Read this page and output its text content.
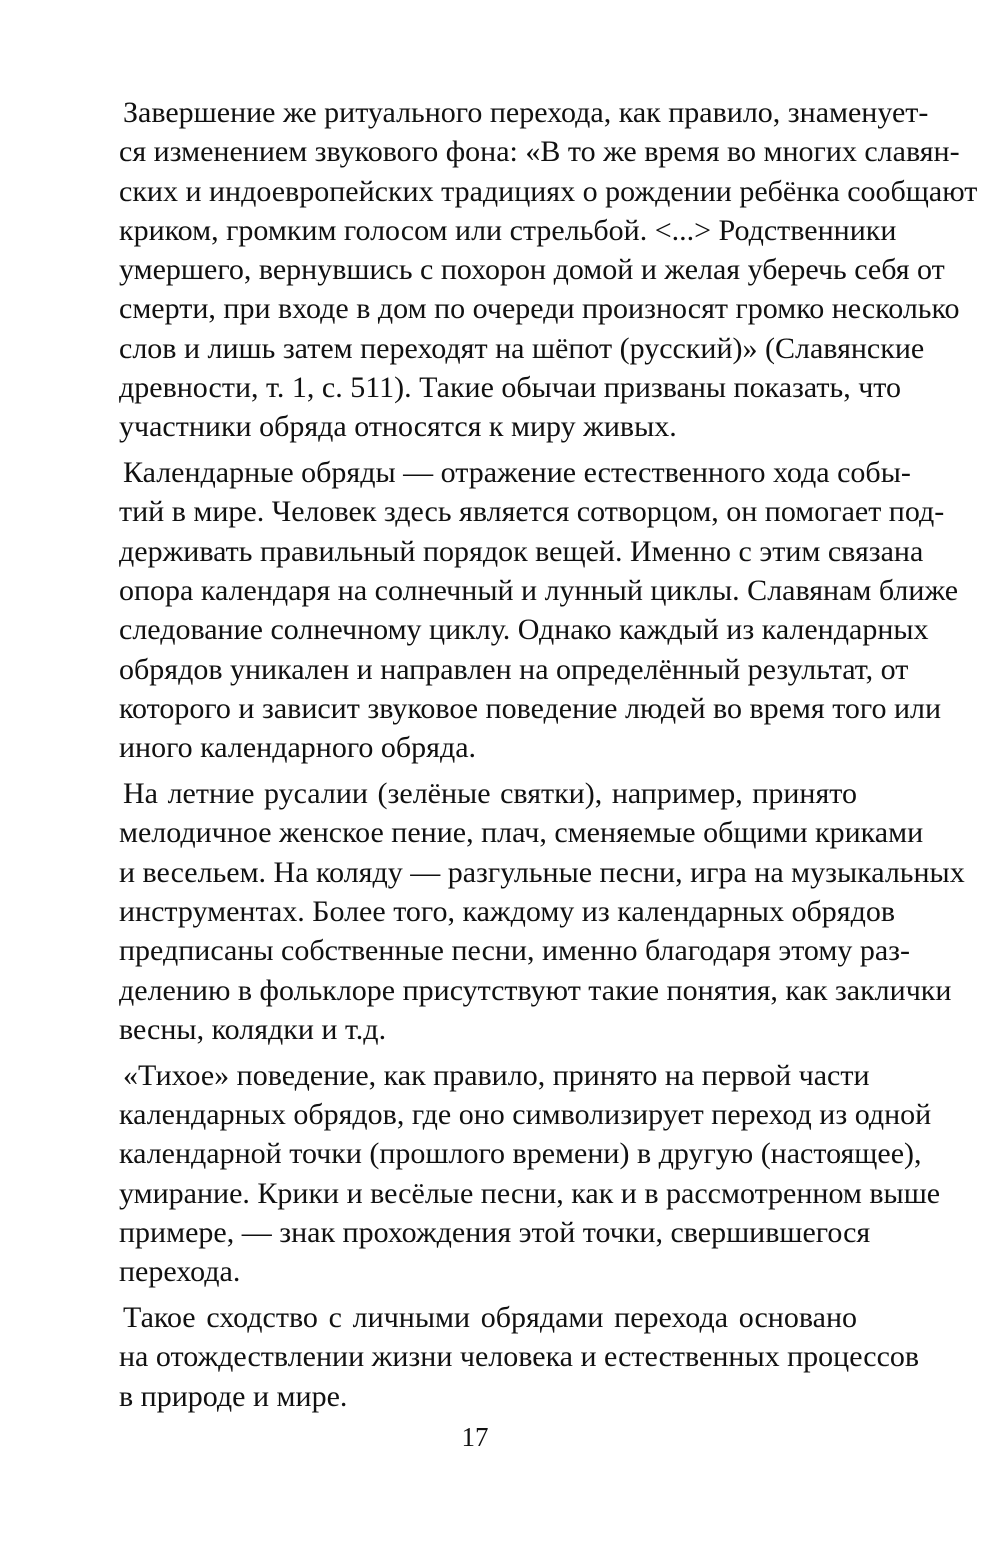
Завершение же ритуального перехода, как правило, знаменует-
ся изменением звукового фона: «В то же время во многих славян-
ских и индоевропейских традициях о рождении ребёнка сообщают
криком, громким голосом или стрельбой. <...> Родственники
умершего, вернувшись с похорон домой и желая уберечь себя от
смерти, при входе в дом по очереди произносят громко несколько
слов и лишь затем переходят на шёпот (русский)» (Славянские
древности, т. 1, с. 511). Такие обычаи призваны показать, что
участники обряда относятся к миру живых.
Календарные обряды — отражение естественного хода собы-
тий в мире. Человек здесь является сотворцом, он помогает под-
держивать правильный порядок вещей. Именно с этим связана
опора календаря на солнечный и лунный циклы. Славянам ближе
следование солнечному циклу. Однако каждый из календарных
обрядов уникален и направлен на определённый результат, от
которого и зависит звуковое поведение людей во время того или
иного календарного обряда.
На летние русалии (зелёные святки), например, принято
мелодичное женское пение, плач, сменяемые общими криками
и весельем. На коляду — разгульные песни, игра на музыкальных
инструментах. Более того, каждому из календарных обрядов
предписаны собственные песни, именно благодаря этому раз-
делению в фольклоре присутствуют такие понятия, как заклички
весны, колядки и т.д.
«Тихое» поведение, как правило, принято на первой части
календарных обрядов, где оно символизирует переход из одной
календарной точки (прошлого времени) в другую (настоящее),
умирание. Крики и весёлые песни, как и в рассмотренном выше
примере, — знак прохождения этой точки, свершившегося
перехода.
Такое сходство с личными обрядами перехода основано
на отождествлении жизни человека и естественных процессов
в природе и мире.
17
